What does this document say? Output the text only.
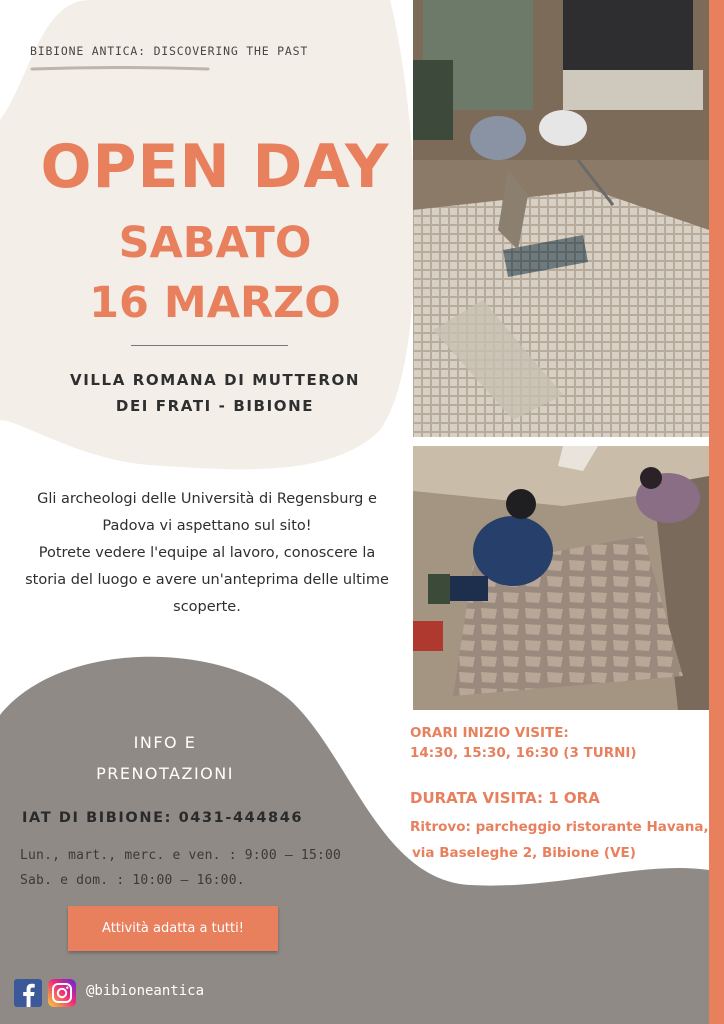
BIBIONE ANTICA: DISCOVERING THE PAST
OPEN DAY
SABATO
16 MARZO
VILLA ROMANA DI MUTTERON
DEI FRATI - BIBIONE
Gli archeologi delle Università di Regensburg e
Padova vi aspettano sul sito!
Potrete vedere l'equipe al lavoro, conoscere la
storia del luogo e avere un'anteprima delle ultime
scoperte.
INFO E
PRENOTAZIONI
IAT DI BIBIONE: 0431-444846
Lun., mart., merc. e ven. : 9:00 – 15:00
Sab. e dom. : 10:00 – 16:00.
Attività adatta a tutti!
@bibioneantica
ORARI INIZIO VISITE:
14:30, 15:30, 16:30 (3 TURNI)
DURATA VISITA: 1 ORA
Ritrovo: parcheggio ristorante Havana,
via Baseleghe 2, Bibione (VE)
